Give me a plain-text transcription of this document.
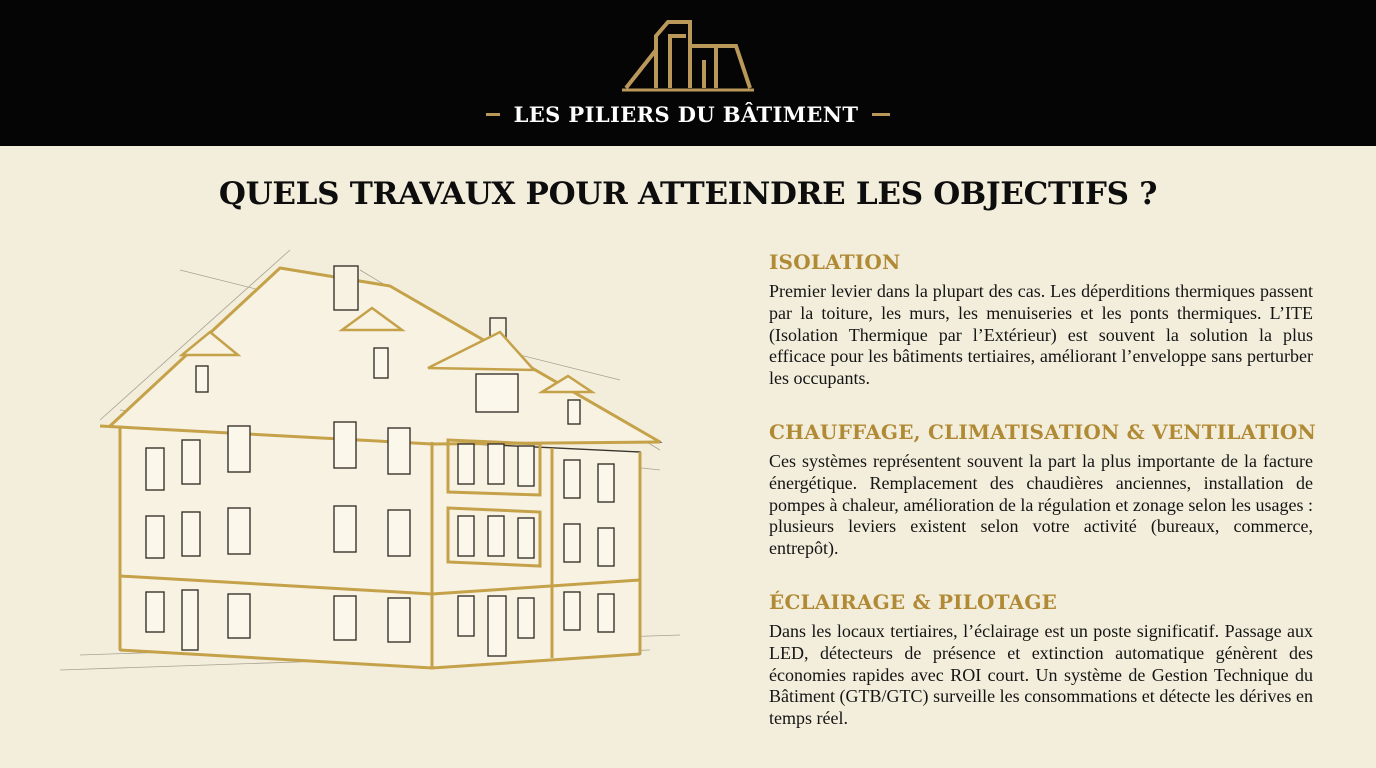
LES PILIERS DU BÂTIMENT
QUELS TRAVAUX POUR ATTEINDRE LES OBJECTIFS ?
ISOLATION

Premier levier dans la plupart des cas. Les déperditions thermiques passent par la toiture, les murs, les menuiseries et les ponts thermiques. L’ITE (Isolation Thermique par l’Extérieur) est souvent la solution la plus efficace pour les bâtiments tertiaires, améliorant l’enveloppe sans perturber les occupants.

CHAUFFAGE, CLIMATISATION & VENTILATION

Ces systèmes représentent souvent la part la plus importante de la facture énergétique. Remplacement des chaudières anciennes, installation de pompes à chaleur, amélioration de la régulation et zonage selon les usages : plusieurs leviers existent selon votre activité (bureaux, commerce, entrepôt).

ÉCLAIRAGE & PILOTAGE

Dans les locaux tertiaires, l’éclairage est un poste significatif. Passage aux LED, détecteurs de présence et extinction automatique génèrent des économies rapides avec ROI court. Un système de Gestion Technique du Bâtiment (GTB/GTC) surveille les consommations et détecte les dérives en temps réel.
